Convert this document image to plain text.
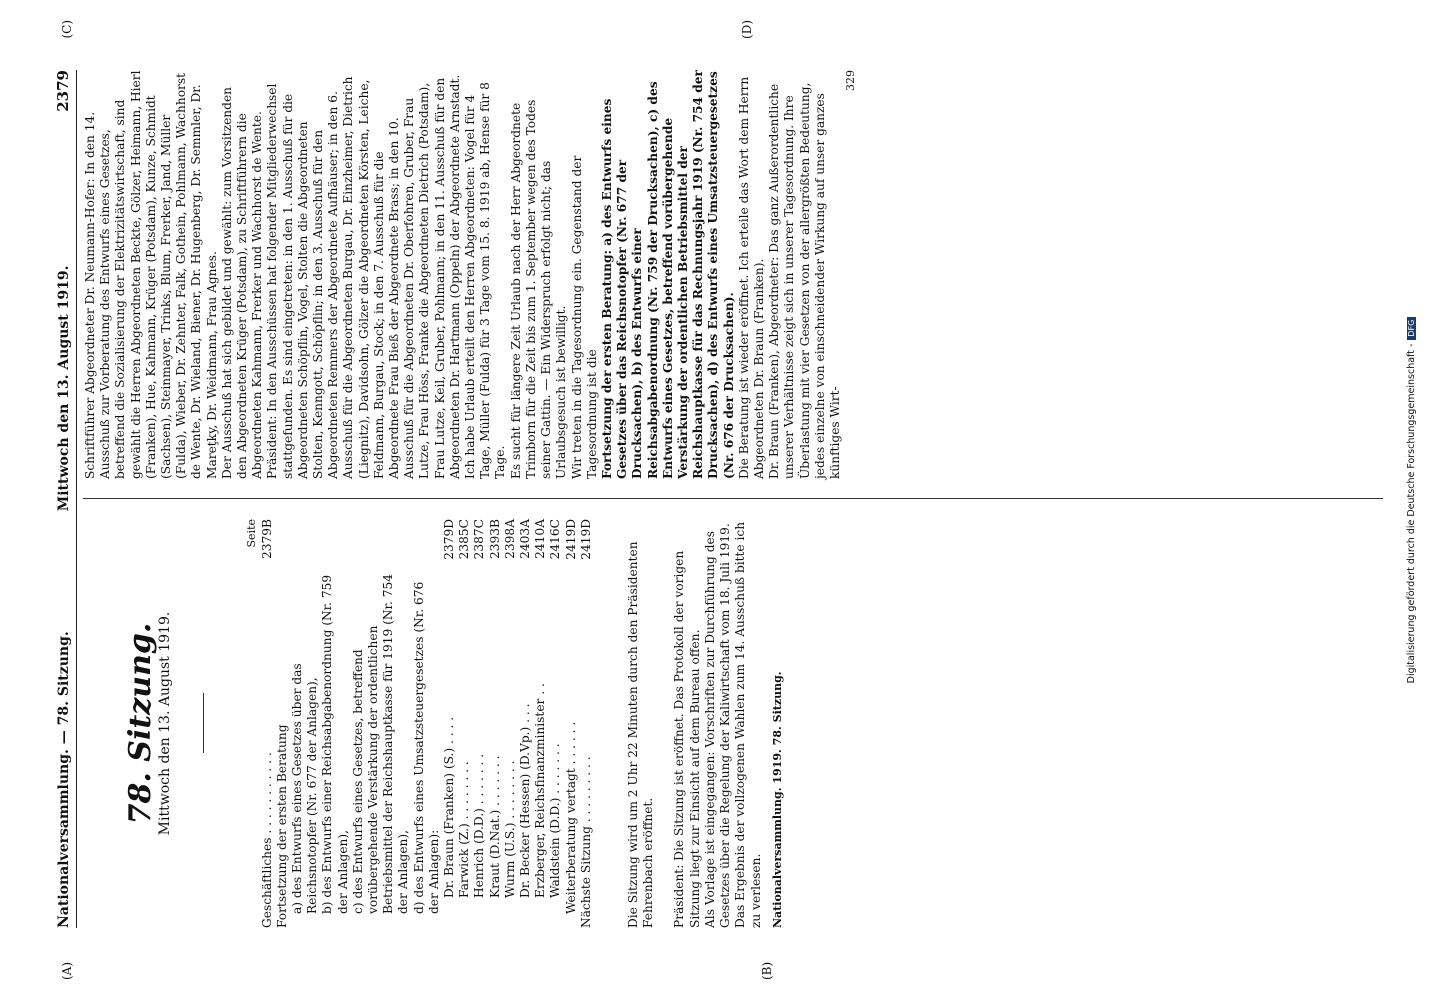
Nationalversammlung. — 78. Sitzung.
Mittwoch den 13. August 1919.
2379
78. Sitzung. Mittwoch den 13. August 1919.
Seite
Geschäftliches . . . . . . . . . . .
2379B
Fortsetzung der ersten Beratung a) des Entwurfs eines Gesetzes über das Reichsnotopfer (Nr. 677 der Anlagen), b) des Entwurfs einer Reichsabgabenordnung (Nr. 759 der Anlagen), c) des Entwurfs eines Gesetzes, betreffend vorübergehende Verstärkung der ordentlichen Betriebsmittel der Reichshauptkasse für 1919 (Nr. 754 der Anlagen), d) des Entwurfs eines Umsatzsteuergesetzes (Nr. 676 der Anlagen): Dr. Braun (Franken) (S.) . . . .
2379D
Farwick (Z.) . . . . . . . .
2385C
Henrich (D.D.) . . . . . . .
2387C
Kraut (D.Nat.) . . . . . . .
2393B
Wurm (U.S.) . . . . . . . .
2398A
Dr. Becker (Hessen) (D.Vp.) . . .
2403A
Erzberger, Reichsfinanzminister . .
2410A
Waldstein (D.D.) . . . . . . .
2416C
Weiterberatung vertagt . . . . . .
2419D
Nächste Sitzung . . . . . . . . .
2419D

Die Sitzung wird um 2 Uhr 22 Minuten durch den Präsidenten Fehrenbach eröffnet. Präsident: Die Sitzung ist eröffnet. Das Protokoll der vorigen Sitzung liegt zur Einsicht auf dem Bureau offen. Als Vorlage ist eingegangen: Vorschriften zur Durchführung des Gesetzes über die Regelung der Kaliwirtschaft vom 18. Juli 1919. Das Ergebnis der vollzogenen Wahlen zum 14. Ausschuß bitte ich zu verlesen. Nationalversammlung. 1919. 78. Sitzung.

Schriftführer Abgeordneter Dr. Neumann-Hofer: In den 14. Ausschuß zur Vorberatung des Entwurfs eines Gesetzes, betreffend die Sozialisierung der Elektrizitätswirtschaft, sind gewählt die Herren Abgeordneten Beckte, Gölzer, Heimann, Hierl (Franken), Hue, Kahmann, Krüger (Potsdam), Kunze, Schmidt (Sachsen), Steinmayer, Trinks, Blum, Frerker, Jand, Müller (Fulda), Wieber, Dr. Zehnter, Falk, Gothein, Pohlmann, Wachhorst de Wente, Dr. Wieland, Biener, Dr. Hugenberg, Dr. Semmler, Dr. Mareţky, Dr. Weidmann, Frau Agnes. Der Ausschuß hat sich gebildet und gewählt: zum Vorsitzenden den Abgeordneten Krüger (Potsdam), zu Schriftführern die Abgeordneten Kahmann, Frerker und Wachhorst de Wente. Präsident: In den Ausschüssen hat folgender Mitgliederwechsel stattgefunden. Es sind eingetreten: in den 1. Ausschuß für die Abgeordneten Schöpflin, Vogel, Stolten die Abgeordneten Stolten, Kenngott, Schöpflin; in den 3. Ausschuß für den Abgeordneten Remmers der Abgeordnete Aufhäuser; in den 6. Ausschuß für die Abgeordneten Burgau, Dr. Einzheimer, Dietrich (Liegnitz), Davidsohn, Gölzer die Abgeordneten Körsten, Leiche, Feldmann, Burgau, Stock; in den 7. Ausschuß für die Abgeordnete Frau Bieß der Abgeordnete Brass; in den 10. Ausschuß für die Abgeordneten Dr. Oberfohren, Gruber, Frau Lutze, Frau Höss, Franke die Abgeordneten Dietrich (Potsdam), Frau Lutze, Keil, Gruber, Pohlmann; in den 11. Ausschuß für den Abgeordneten Dr. Hartmann (Oppeln) der Abgeordnete Arnstadt. Ich habe Urlaub erteilt den Herren Abgeordneten: Vogel für 4 Tage, Müller (Fulda) für 3 Tage vom 15. 8. 1919 ab, Hense für 8 Tage. Es sucht für längere Zeit Urlaub nach der Herr Abgeordnete Trimborn für die Zeit bis zum 1. September wegen des Todes seiner Gattin. — Ein Widerspruch erfolgt nicht; das Urlaubsgesuch ist bewilligt. Wir treten in die Tagesordnung ein. Gegenstand der Tagesordnung ist die Fortsetzung der ersten Beratung: a) des Entwurfs eines Gesetzes über das Reichsnotopfer (Nr. 677 der Drucksachen), b) des Entwurfs einer Reichsabgabenordnung (Nr. 759 der Drucksachen), c) des Entwurfs eines Gesetzes, betreffend vorübergehende Verstärkung der ordentlichen Betriebsmittel der Reichshauptkasse für das Rechnungsjahr 1919 (Nr. 754 der Drucksachen), d) des Entwurfs eines Umsatzsteuergesetzes (Nr. 676 der Drucksachen). Die Beratung ist wieder eröffnet. Ich erteile das Wort dem Herrn Abgeordneten Dr. Braun (Franken). Dr. Braun (Franken), Abgeordneter: Das ganz Außerordentliche unserer Verhältnisse zeigt sich in unserer Tagesordnung. Ihre Überlastung mit vier Gesetzen von der allergrößten Bedeutung, jedes einzelne von einschneidender Wirkung auf unser ganzes künftiges Wirt-

329
(A)	(B)
(C)	(D)
Digitalisierung gefördert durch die Deutsche Forschungsgemeinschaft -DFG
